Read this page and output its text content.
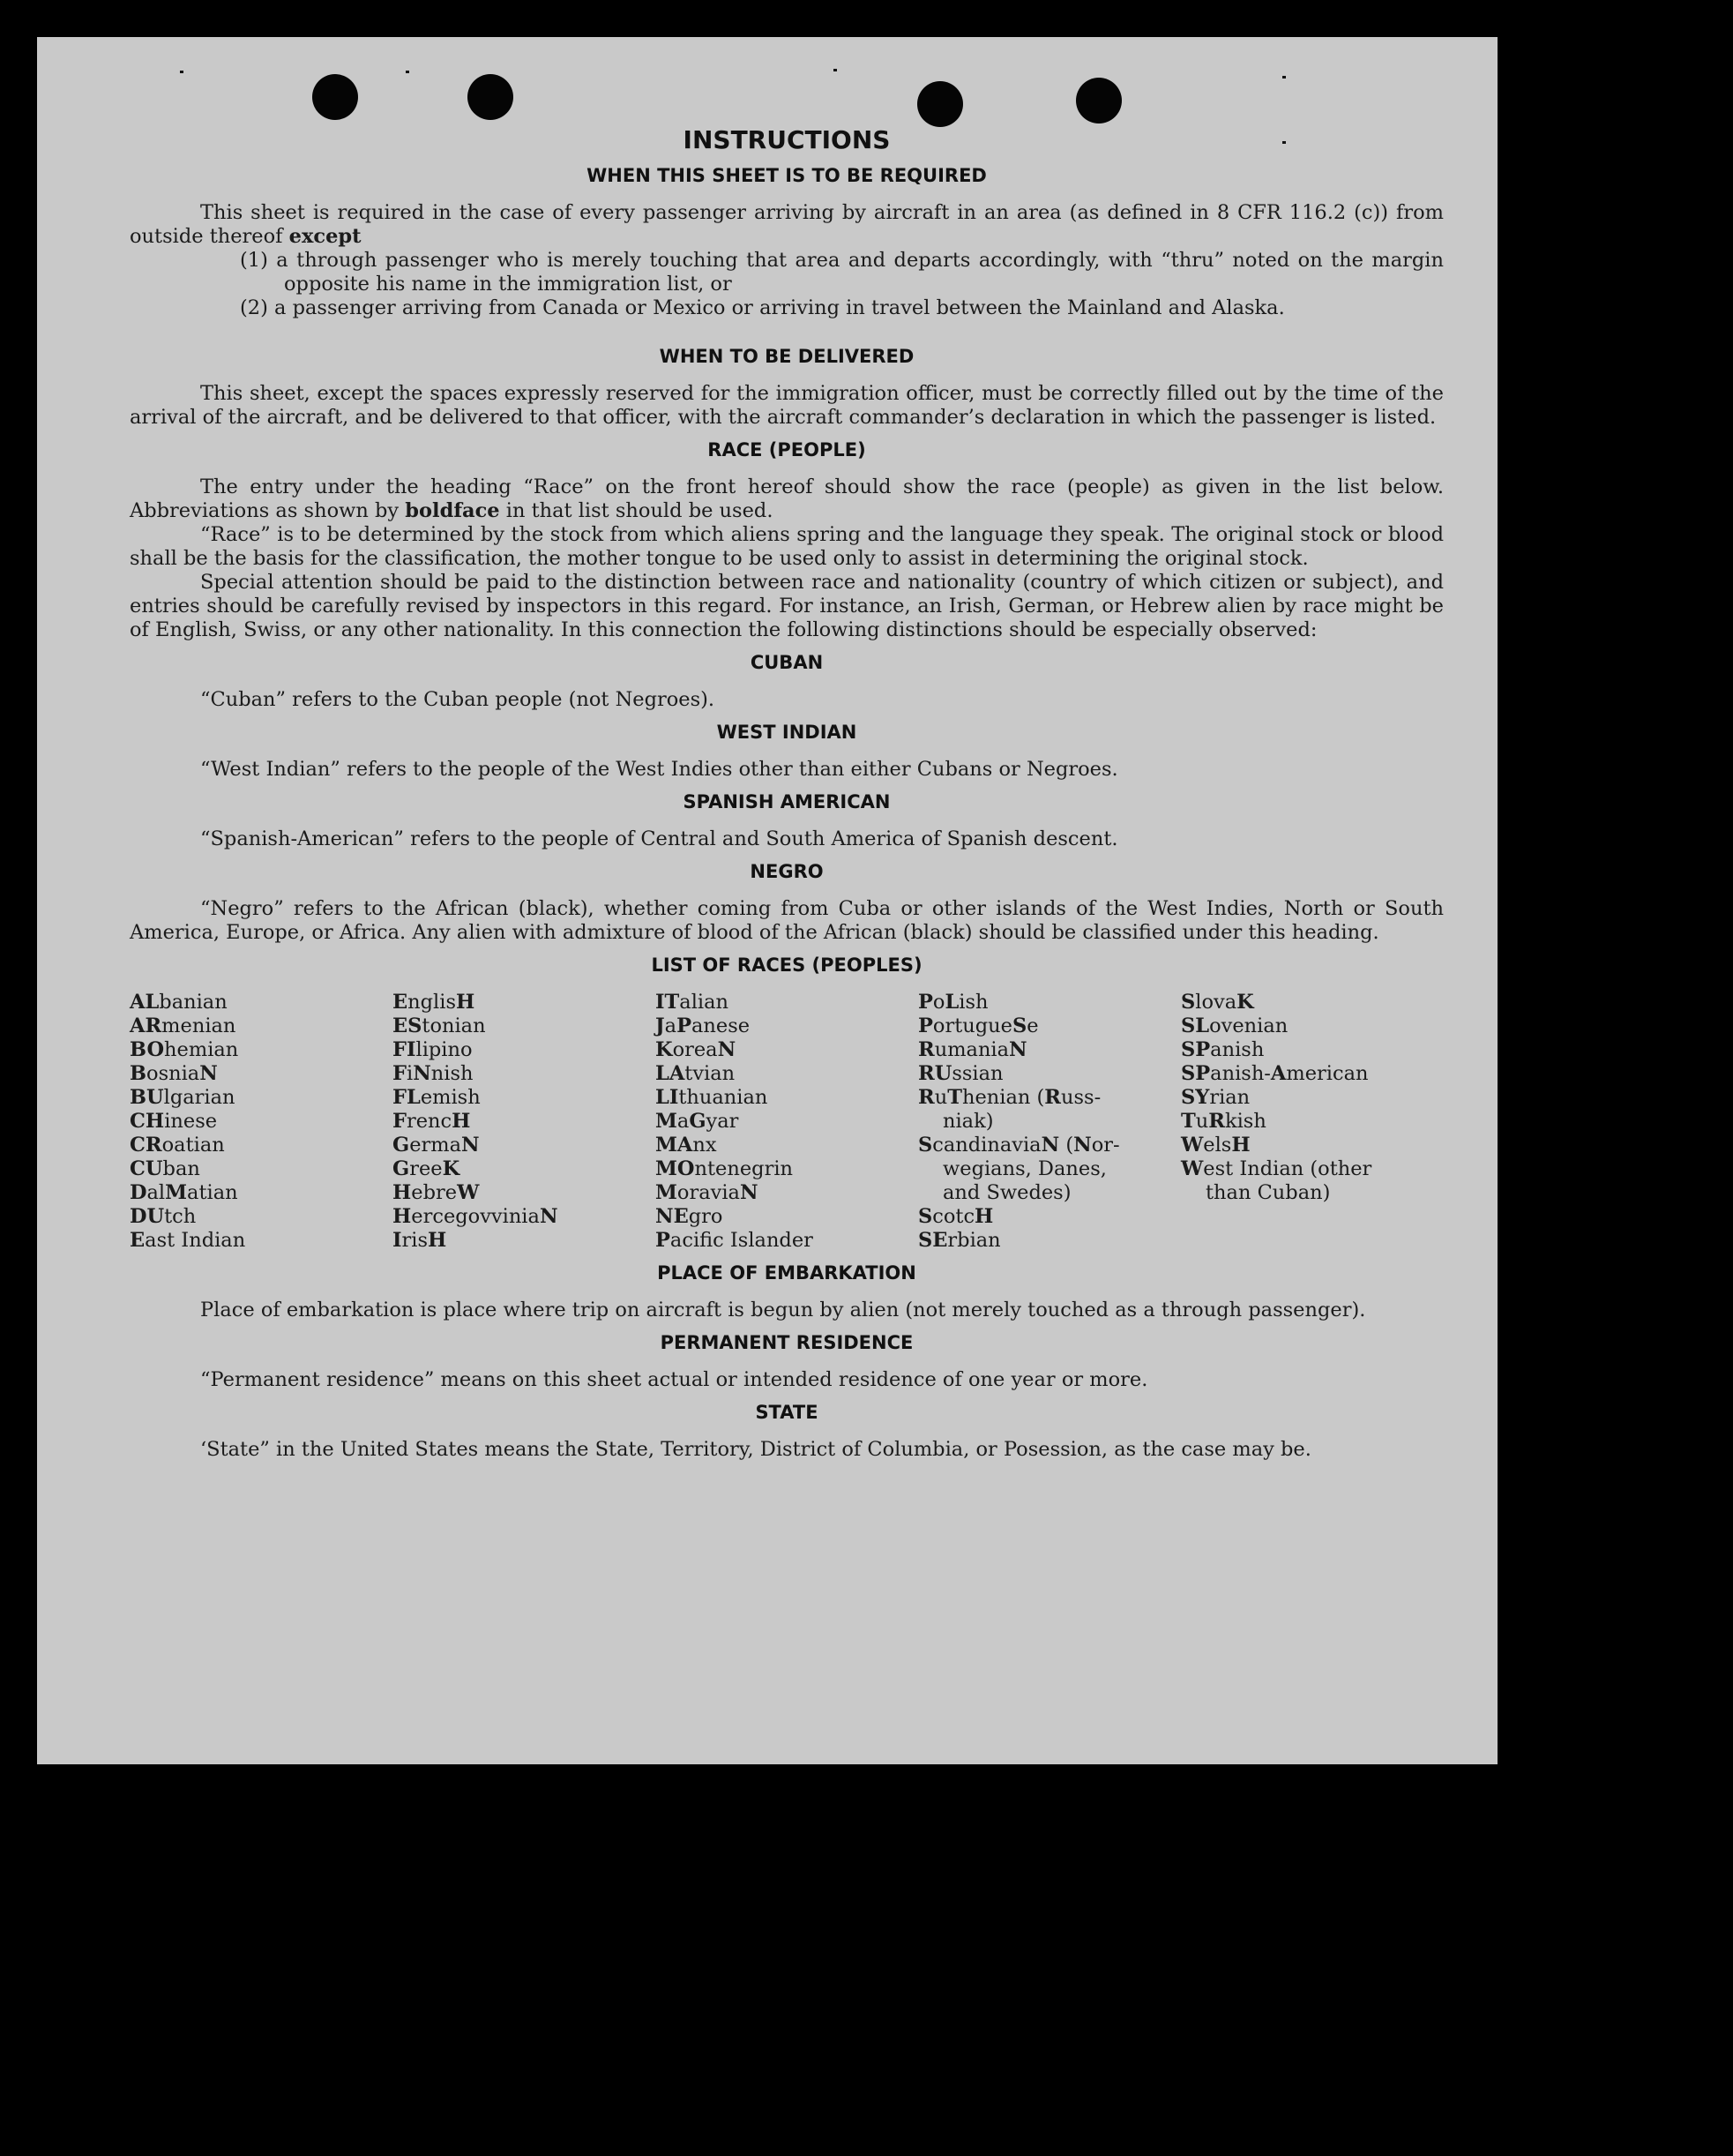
INSTRUCTIONS
WHEN THIS SHEET IS TO BE REQUIRED

This sheet is required in the case of every passenger arriving by aircraft in an area (as defined in 8 CFR 116.2 (c)) from outside thereof except

(1) a through passenger who is merely touching that area and departs accordingly, with “thru” noted on the margin opposite his name in the immigration list, or

(2) a passenger arriving from Canada or Mexico or arriving in travel between the Mainland and Alaska.

WHEN TO BE DELIVERED

This sheet, except the spaces expressly reserved for the immigration officer, must be correctly filled out by the time of the arrival of the aircraft, and be delivered to that officer, with the aircraft commander’s declaration in which the passenger is listed.

RACE (PEOPLE)

The entry under the heading “Race” on the front hereof should show the race (people) as given in the list below. Abbreviations as shown by boldface in that list should be used.

“Race” is to be determined by the stock from which aliens spring and the language they speak. The original stock or blood shall be the basis for the classification, the mother tongue to be used only to assist in determining the original stock.

Special attention should be paid to the distinction between race and nationality (country of which citizen or subject), and entries should be carefully revised by inspectors in this regard. For instance, an Irish, German, or Hebrew alien by race might be of English, Swiss, or any other nationality. In this connection the following distinctions should be especially observed:

CUBAN

“Cuban” refers to the Cuban people (not Negroes).

WEST INDIAN

“West Indian” refers to the people of the West Indies other than either Cubans or Negroes.

SPANISH AMERICAN

“Spanish-American” refers to the people of Central and South America of Spanish descent.

NEGRO

“Negro” refers to the African (black), whether coming from Cuba or other islands of the West Indies, North or South America, Europe, or Africa. Any alien with admixture of blood of the African (black) should be classified under this heading.

LIST OF RACES (PEOPLES)
ALbanian
ARmenian
BOhemian
BosniaN
BUlgarian
CHinese
CRoatian
CUban
DalMatian
DUtch
East Indian
EnglisH
EStonian
FIlipino
FiNnish
FLemish
FrencH
GermaN
GreeK
HebreW
HercegovviniaN
IrisH
ITalian
JaPanese
KoreaN
LAtvian
LIthuanian
MaGyar
MAnx
MOntenegrin
MoraviaN
NEgro
Pacific Islander
PoLish
PortugueSe
RumaniaN
RUssian
RuThenian (Russ-
niak)
ScandinaviaN (Nor-
wegians, Danes,
and Swedes)
ScotcH
SErbian
SlovaK
SLovenian
SPanish
SPanish-American
SYrian
TuRkish
WelsH
West Indian (other
than Cuban)
PLACE OF EMBARKATION

Place of embarkation is place where trip on aircraft is begun by alien (not merely touched as a through passenger).

PERMANENT RESIDENCE

“Permanent residence” means on this sheet actual or intended residence of one year or more.

STATE

‘State” in the United States means the State, Territory, District of Columbia, or Posession, as the case may be.
